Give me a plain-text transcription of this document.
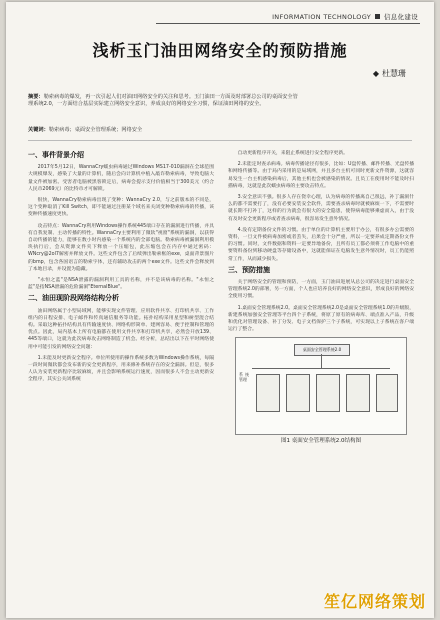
INFORMATION TECHNOLOGY 信息化建设
浅析玉门油田网络安全的预防措施
◆ 杜慧珊
摘要：勒索病毒的爆发，再一次引起人们对油田网络安全的关注和思考。玉门油田一方面及时部署总公司的桌面安全管理系统2.0，一方面结合基层实际建立网络安全意识，养成良好的网络安全习惯，保证油田网络的安全。
关键词：勒索病毒；桌面安全管理系统；网络安全
一、事件背景介绍

2017年5月12日，WannaCry蠕虫病毒通过Windows MS17-010漏洞在全球范围大规模爆发，感染了大量的计算机，随后会向计算机中植入敲诈勒索病毒，导致电脑大量文件被加密。受害者电脑被黑客锁定后，病毒会提示支付价值相当于300美元（约合人民币2069元）的比特币才可解锁。

很快，WannaCry勒索病毒出现了变种：WannaCry 2.0，与之前版本的不同是，这个变种取消了Kill Switch，即不能通过注册某个域名来关闭变种勒索病毒的传播，该变种传播速度更快。

攻击特点：WannaCry利用Windows操作系统445端口存在的漏洞进行传播，并具有自我复制、主动传播的特性。WannaCry主要利用了微软"视窗"系统的漏洞，以获得自动传播的能力，能够在数小时内感染一个系统内的全部电脑。勒索病毒被漏洞利用模块执行后，会从资源文件夹下释放一个压缩包，此压缩包会在内存中通过密码：WNcry@2ol7解密并释放文件。这些文件包含了后续弹出勒索框的exe，桌面背景图片的bmp，包含各国语言的勒索字体，还有辅助攻击的两个exe文件。这些文件会释放到了本地目录，并设置为隐藏。

"永恒之蓝"是NSA泄露的漏洞利用工具的名称，并不是该病毒的名称。"永恒之蓝"是指NSA泄漏的危险漏洞"EternalBlue"。

二、油田现阶段网络结构分析

油田网络属于小型局域网，能够实现文件管理、应用软件共享、打印机共享、工作组内的日程安排、电子邮件和传真通信服务等功能。拓扑结构采用星型和树型混合结构。采取这种拓扑结构具有传输速度快、网络构形简单、建网容易、便于控制和管理的优点。因此，局内基本上所有电脑都在使用文件共享和打印机共享，必然会开放139、445等端口，这就为此次病毒攻击网络制造了机会。经分析，总结出以下在平时网络使用中可能引发的网络安全问题：

1.未能及时更新安全程序。单位所使用的操作系统多数为Windows操作系统，每隔一段时间微软都会发布新的安全更新程序，用来修补系统存在的安全漏洞。但是，很多人认为安装更新程序比较麻烦，并且会影响系统运行速度，因而很多人不会主动更新安全程序，其实公关闭系统

自动更新程序开关，来阻止系统进行安全程序更新。

2.未能定时查杀病毒。病毒传播途径有很多，比如：U盘传播、邮件传播、光盘传播和网络传播等。由于局内采用的是局域网，并且多台主机可同时更新文件资源，这就容易发生一台主机感染病毒后，其他主机也会被感染的情况。且员工在使用时不能及时扫描病毒，这就是此次蠕虫病毒的主要攻击特点。

3.安全意识不强。很多人存在侥幸心理，认为病毒的传播离自己很远，补丁漏洞什么的都不需要打了，没有必要安装安全软件，需要查杀病毒时就被麻烦一下，不需要时就长期不打补丁，这样的行为就会有很大的安全隐患，使得病毒能够乘虚而入，由于没有及时安全更新程序或者查杀病毒，很容易发生意外情况。

4.没有定期备份文件的习惯。由于单位的计算机主要用于办公，有很多办公需要的资料，一旦文件被病毒加密或者丢失，后果会十分严重，所以一定要养成定期备份文件的习惯。同时，文件数据和资料一定要异地备份，且所有员工都必须将工作电脑中的重要资料备份到移动硬盘等存储设备中，这就能保证在电脑发生意外情况时，员工仍能照常工作，从而减少损失。

三、预防措施

关于网络安全的管理和预防，一方面，玉门油田进展从总公司的决定进行桌面安全管理系统2.0的部署，另一方面，个人也应培养良好的网络安全意识，形成良好的网络安全使用习惯。

1.桌面安全管理系统2.0。桌面安全管理系统2.0是桌面安全管理系统1.0的升级版，新建系统加强安全管理等平台四个子系统，将原了原有的病毒库、端点准入产品，升级和优化对管理设备、补丁分发、电子文档保护三个子系统，可实现以上子系统在客户端运行了整合。

桌面安全管理系统2.0
系统管理
图1 桌面安全管理系统2.0结构图
笙亿网络策划
